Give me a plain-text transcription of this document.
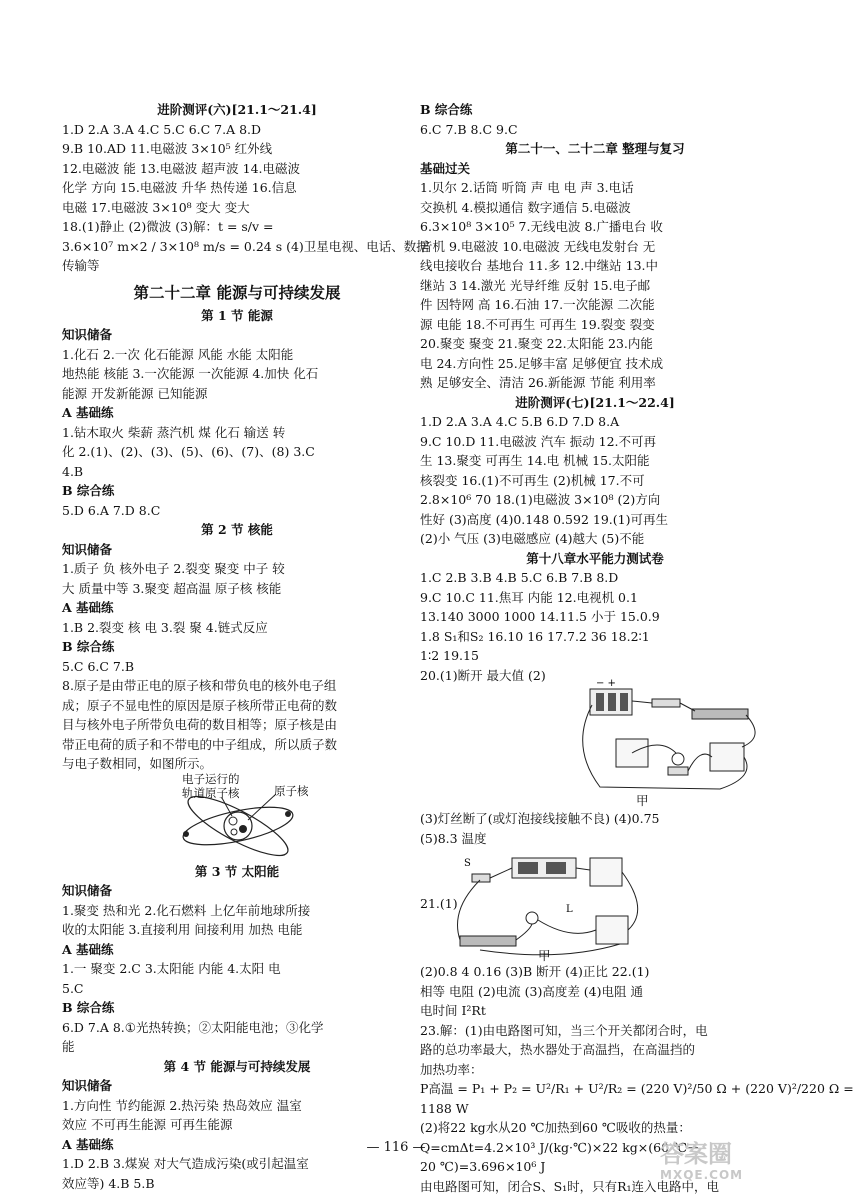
进阶测评(六)[21.1～21.4]
1.D 2.A 3.A 4.C 5.C 6.C 7.A 8.D
9.B 10.AD 11.电磁波 3×10⁵ 红外线
12.电磁波 能 13.电磁波 超声波 14.电磁波
化学 方向 15.电磁波 升华 热传递 16.信息
电磁 17.电磁波 3×10⁸ 变大 变大
18.(1)静止 (2)微波 (3)解：t = s/v =
3.6×10⁷ m×2 / 3×10⁸ m/s = 0.24 s (4)卫星电视、电话、数据
传输等
第二十二章 能源与可持续发展
第 1 节 能源
知识储备
1.化石 2.一次 化石能源 风能 水能 太阳能
地热能 核能 3.一次能源 一次能源 4.加快 化石
能源 开发新能源 已知能源
A 基础练
1.钻木取火 柴薪 蒸汽机 煤 化石 输送 转
化 2.(1)、(2)、(3)、(5)、(6)、(7)、(8) 3.C
4.B
B 综合练
5.D 6.A 7.D 8.C
第 2 节 核能
知识储备
1.质子 负 核外电子 2.裂变 聚变 中子 较
大 质量中等 3.聚变 超高温 原子核 核能
A 基础练
1.B 2.裂变 核 电 3.裂 聚 4.链式反应
B 综合练
5.C 6.C 7.B
8.原子是由带正电的原子核和带负电的核外电子组
成；原子不显电性的原因是原子核所带正电荷的数
目与核外电子所带负电荷的数目相等；原子核是由
带正电荷的质子和不带电的中子组成，所以质子数
与电子数相同，如图所示。
电子运行的
轨道原子核	原子核
第 3 节 太阳能
知识储备
1.聚变 热和光 2.化石燃料 上亿年前地球所接
收的太阳能 3.直接利用 间接利用 加热 电能
A 基础练
1.一 聚变 2.C 3.太阳能 内能 4.太阳 电
5.C
B 综合练
6.D 7.A 8.①光热转换；②太阳能电池；③化学
能
第 4 节 能源与可持续发展
知识储备
1.方向性 节约能源 2.热污染 热岛效应 温室
效应 不可再生能源 可再生能源
A 基础练
1.D 2.B 3.煤炭 对大气造成污染(或引起温室
效应等) 4.B 5.B
B 综合练
6.C 7.B 8.C 9.C
第二十一、二十二章 整理与复习
基础过关
1.贝尔 2.话筒 听筒 声 电 电 声 3.电话
交换机 4.模拟通信 数字通信 5.电磁波
6.3×10⁸ 3×10⁵ 7.无线电波 8.广播电台 收
音机 9.电磁波 10.电磁波 无线电发射台 无
线电接收台 基地台 11.多 12.中继站 13.中
继站 3 14.激光 光导纤维 反射 15.电子邮
件 因特网 高 16.石油 17.一次能源 二次能
源 电能 18.不可再生 可再生 19.裂变 裂变
20.聚变 聚变 21.聚变 22.太阳能 23.内能
电 24.方向性 25.足够丰富 足够便宜 技术成
熟 足够安全、清洁 26.新能源 节能 利用率
进阶测评(七)[21.1～22.4]
1.D 2.A 3.A 4.C 5.B 6.D 7.D 8.A
9.C 10.D 11.电磁波 汽车 振动 12.不可再
生 13.聚变 可再生 14.电 机械 15.太阳能
核裂变 16.(1)不可再生 (2)机械 17.不可
2.8×10⁶ 70 18.(1)电磁波 3×10⁸ (2)方向
性好 (3)高度 (4)0.148 0.592 19.(1)可再生
(2)小 气压 (3)电磁感应 (4)越大 (5)不能
第十八章水平能力测试卷
1.C 2.B 3.B 4.B 5.C 6.B 7.B 8.D
9.C 10.C 11.焦耳 内能 12.电视机 0.1
13.140 3000 1000 14.11.5 小于 15.0.9
1.8 S₁和S₂ 16.10 16 17.7.2 36 18.2∶1
1∶2 19.15
20.(1)断开 最大值 (2)
− +
甲
(3)灯丝断了(或灯泡接线接触不良) (4)0.75
(5)8.3 温度
S
L
21.(1)
甲
(2)0.8 4 0.16 (3)B 断开 (4)正比 22.(1)
相等 电阻 (2)电流 (3)高度差 (4)电阻 通
电时间 I²Rt
23.解：(1)由电路图可知，当三个开关都闭合时，电
路的总功率最大，热水器处于高温挡，在高温挡的
加热功率：
P高温 = P₁ + P₂ = U²/R₁ + U²/R₂ = (220 V)²/50 Ω + (220 V)²/220 Ω =
1188 W
(2)将22 kg水从20 ℃加热到60 ℃吸收的热量：
Q=cmΔt=4.2×10³ J/(kg·℃)×22 kg×(60 ℃－
20 ℃)=3.696×10⁶ J
由电路图可知，闭合S、S₁时，只有R₁连入电路中，电
— 116 —	答案圈
MXQE.COM
